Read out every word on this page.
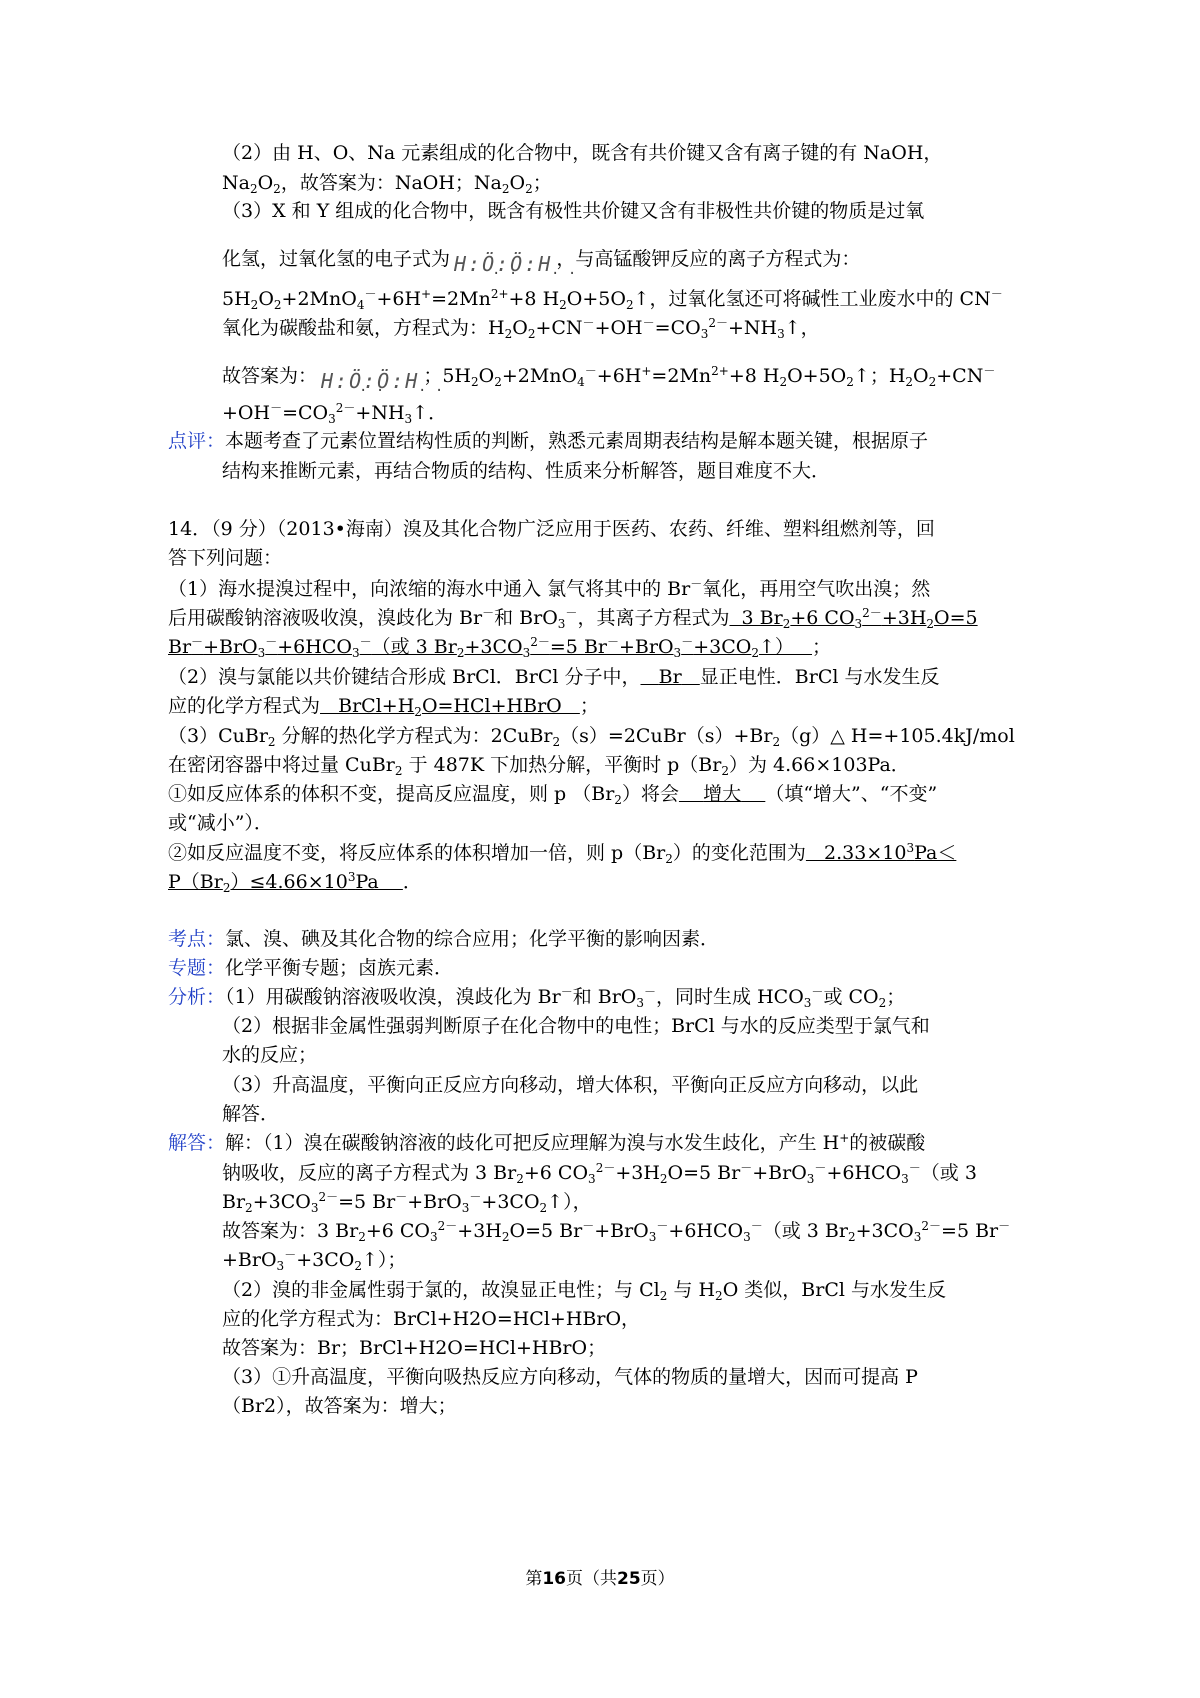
（2）由 H、O、Na 元素组成的化合物中，既含有共价键又含有离子键的有 NaOH，
$Na_2O_2$，故答案为：NaOH；$Na_2O_2$；
（3）X 和 Y 组成的化合物中，既含有极性共价键又含有非极性共价键的物质是过氧
化氢，过氧化氢的电子式为 H:Ö:Ö:H · · ，与高锰酸钾反应的离子方程式为：
$5H_2O_2+2MnO_4^-+6H^+=2Mn^{2+}+8$ $H_2O+5O_2↑$，过氧化氢还可将碱性工业废水中的 CN－
氧化为碳酸盐和氨，方程式为：$H_2O_2+CN^-+OH^-=CO_3^{2-}+NH_3↑$，
故答案为： H:Ö:Ö:H · · ；$5H_2O_2+2MnO_4^-+6H^+=2Mn^{2+}+8$ $H_2O+5O_2↑$；$H_2O_2+CN^-$
$+OH^-=CO_3^{2-}+NH_3↑$．
点评：本题考查了元素位置结构性质的判断，熟悉元素周期表结构是解本题关键，根据原子
结构来推断元素，再结合物质的结构、性质来分析解答，题目难度不大．
14．（9 分）（2013•海南）溴及其化合物广泛应用于医药、农药、纤维、塑料组燃剂等，回
答下列问题：
（1）海水提溴过程中，向浓缩的海水中通入 氯气将其中的 Br－氧化，再用空气吹出溴；然
后用碳酸钠溶液吸收溴，溴歧化为 Br－和 BrO$_3$－，其离子方程式为  3 $Br_2+6$ $CO_3^{2-}+3H_2O=5$
$Br^-+BrO_3^-+6HCO_3^-$（或 3 $Br_2+3CO_3^{2-}=5$ $Br^-+BrO_3^-+3CO_2↑$）   ；
（2）溴与氯能以共价键结合形成 BrCl．BrCl 分子中， Br 显正电性．BrCl 与水发生反
应的化学方程式为   $BrCl+H_2O=HCl+HBrO$   ；
（3）CuBr$_2$ 分解的热化学方程式为：$2CuBr_2(s)=2CuBr(s)+Br_2(g)\triangle$ H=+105.4kJ/mol
在密闭容器中将过量 CuBr$_2$ 于 487K 下加热分解，平衡时 $p(Br_2)$为 4.66×103Pa．
①如反应体系的体积不变，提高反应温度，则 p $(Br_2)$将会 增大 （填“增大”、“不变”
或“减小”）．
②如反应温度不变，将反应体系的体积增加一倍，则 $p(Br_2)$的变化范围为   $2.33\times 10^3Pa<$
$P(Br_2)\le 4.66\times 10^3Pa$    ．
考点：氯、溴、碘及其化合物的综合应用；化学平衡的影响因素．
专题：化学平衡专题；卤族元素．
分析：（1）用碳酸钠溶液吸收溴，溴歧化为 Br－和 BrO$_3$－，同时生成 $HCO_3^-$或 $CO_2$；
（2）根据非金属性强弱判断原子在化合物中的电性；BrCl 与水的反应类型于氯气和
水的反应；
（3）升高温度，平衡向正反应方向移动，增大体积，平衡向正反应方向移动，以此
解答．
解答：解：（1）溴在碳酸钠溶液的歧化可把反应理解为溴与水发生歧化，产生 H+的被碳酸
钠吸收，反应的离子方程式为 3 $Br_2+6$ $CO_3^{2-}+3H_2O=5$ $Br^-+BrO_3^-+6HCO_3^-$（或 3
$Br_2+3CO_3^{2-}=5$ $Br^-+BrO_3^-+3CO_2↑$），
故答案为：3 $Br_2+6$ $CO_3^{2-}+3H_2O=5$ $Br^-+BrO_3^-+6HCO_3^-$（或 3 $Br_2+3CO_3^{2-}=5$ Br－
$+BrO_3^-+3CO_2↑$）；
（2）溴的非金属性弱于氯的，故溴显正电性；与 $Cl_2$ 与 $H_2O$ 类似，BrCl 与水发生反
应的化学方程式为：BrCl+H2O=HCl+HBrO，
故答案为：Br；BrCl+H2O=HCl+HBrO；
（3）①升高温度，平衡向吸热反应方向移动，气体的物质的量增大，因而可提高 P
（Br2），故答案为：增大；
第16页（共25页）
